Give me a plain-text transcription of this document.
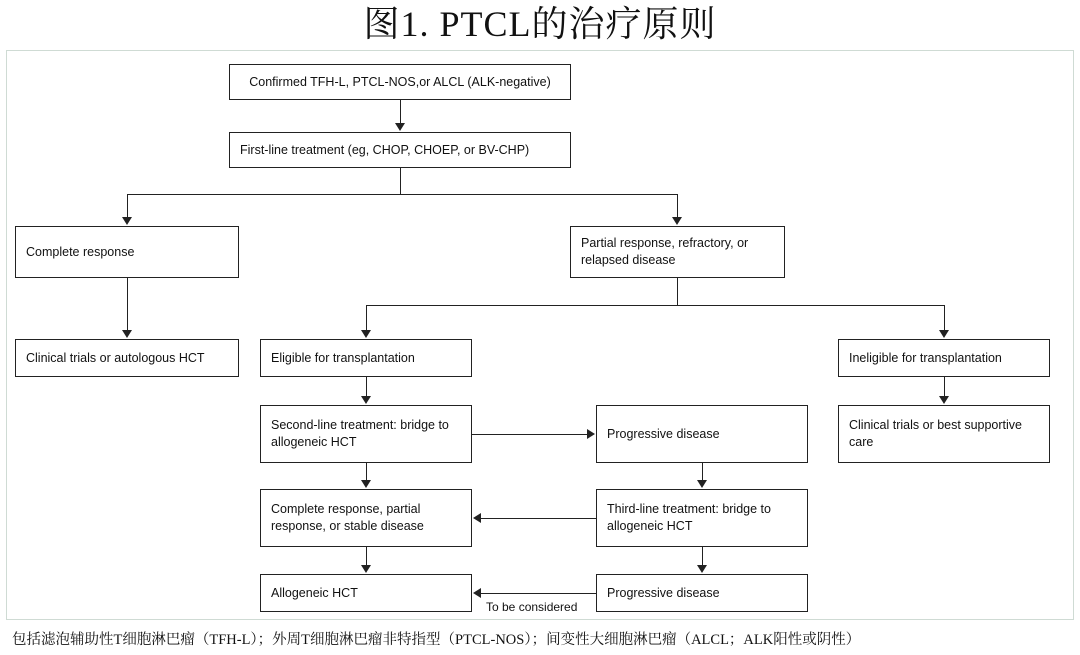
图1. PTCL的治疗原则
Confirmed TFH-L, PTCL-NOS,or ALCL (ALK-negative)
First-line treatment (eg, CHOP, CHOEP, or BV-CHP)
Complete response
Partial response, refractory, or relapsed disease
Clinical trials or autologous HCT	Eligible for transplantation	Ineligible for transplantation
Second-line treatment: bridge to allogeneic HCT
Progressive disease
Clinical trials or best supportive care
Complete response, partial response, or stable disease
Third-line treatment: bridge to allogeneic HCT
Allogeneic HCT	Progressive disease
To be considered
包括滤泡辅助性T细胞淋巴瘤（TFH-L）；外周T细胞淋巴瘤非特指型（PTCL-NOS）；间变性大细胞淋巴瘤（ALCL；ALK阳性或阴性）
